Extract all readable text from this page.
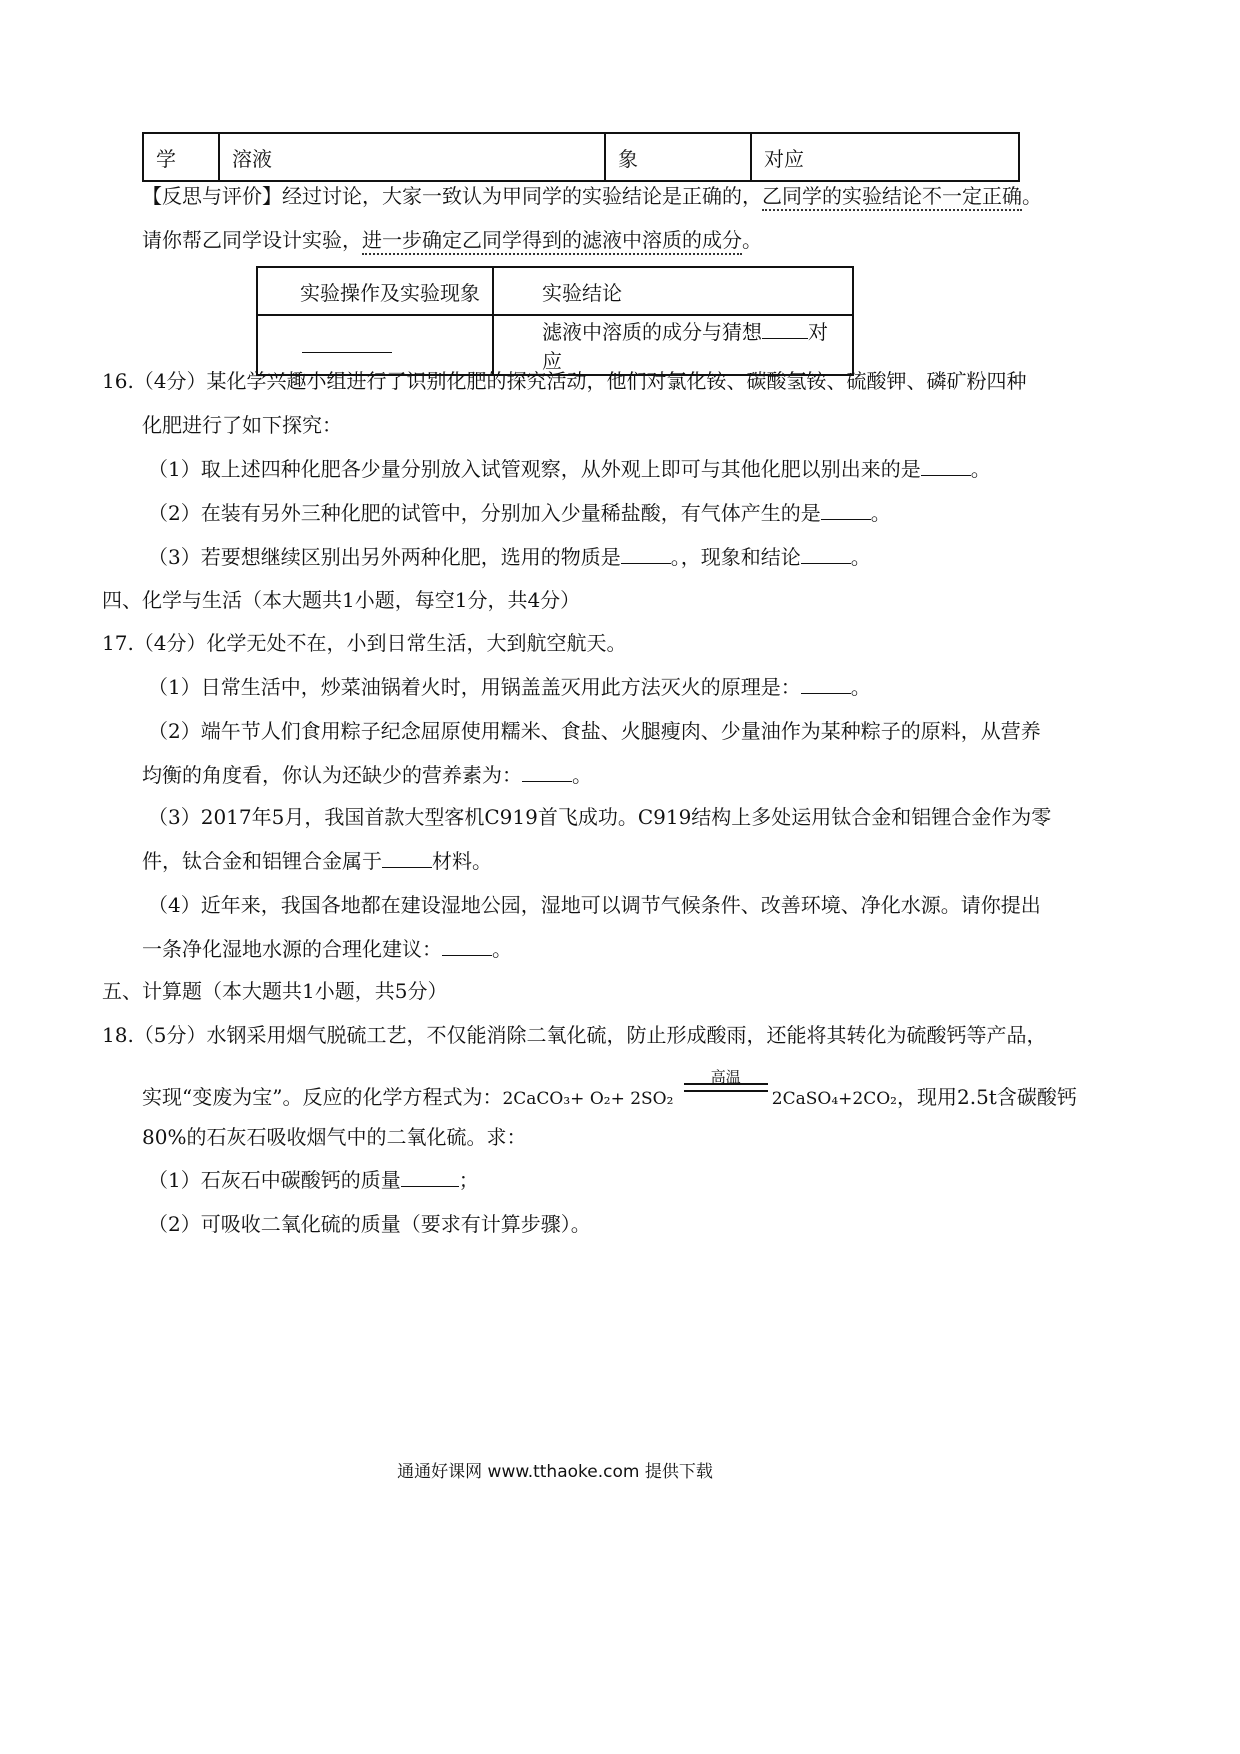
学	溶液	象	对应
【反思与评价】经过讨论，大家一致认为甲同学的实验结论是正确的，乙同学的实验结论不一定正确。
请你帮乙同学设计实验，进一步确定乙同学得到的滤液中溶质的成分。
实验操作及实验现象	实验结论
	滤液中溶质的成分与猜想 对应
16.（4分）某化学兴趣小组进行了识别化肥的探究活动，他们对氯化铵、碳酸氢铵、硫酸钾、磷矿粉四种
化肥进行了如下探究：
（1）取上述四种化肥各少量分别放入试管观察，从外观上即可与其他化肥以别出来的是	。
（2）在装有另外三种化肥的试管中，分别加入少量稀盐酸，有气体产生的是	。
（3）若要想继续区别出另外两种化肥，选用的物质是	。，现象和结论	。
四、化学与生活（本大题共1小题，每空1分，共4分）
17.（4分）化学无处不在，小到日常生活，大到航空航天。
（1）日常生活中，炒菜油锅着火时，用锅盖盖灭用此方法灭火的原理是：	。
（2）端午节人们食用粽子纪念屈原使用糯米、食盐、火腿瘦肉、少量油作为某种粽子的原料，从营养
均衡的角度看，你认为还缺少的营养素为：	。
（3）2017年5月，我国首款大型客机C919首飞成功。C919结构上多处运用钛合金和铝锂合金作为零
件，钛合金和铝锂合金属于	材料。
（4）近年来，我国各地都在建设湿地公园，湿地可以调节气候条件、改善环境、净化水源。请你提出
一条净化湿地水源的合理化建议：	。
五、计算题（本大题共1小题，共5分）
18.（5分）水钢采用烟气脱硫工艺，不仅能消除二氧化硫，防止形成酸雨，还能将其转化为硫酸钙等产品，
实现“变废为宝”。反应的化学方程式为：2CaCO₃+ O₂+ 2SO₂
高温
2CaSO₄+2CO₂，现用2.5t含碳酸钙
80%的石灰石吸收烟气中的二氧化硫。求：
（1）石灰石中碳酸钙的质量	；
（2）可吸收二氧化硫的质量（要求有计算步骤）。
通通好课网 www.tthaoke.com 提供下载
